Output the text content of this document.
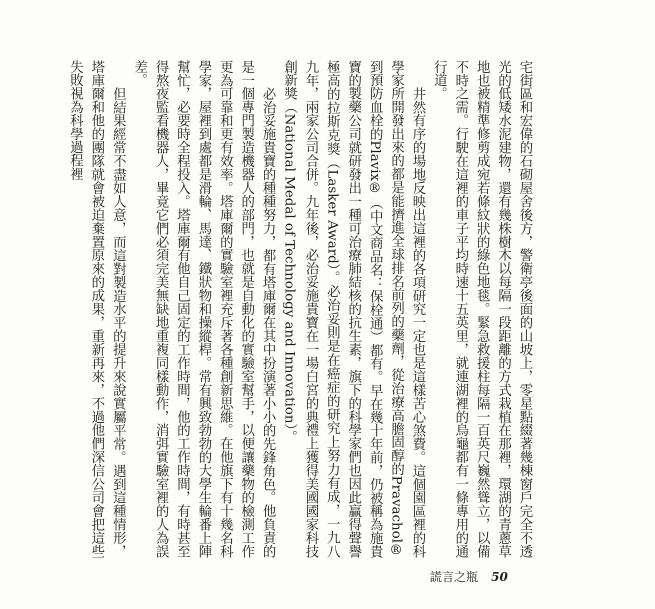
宅街區和宏偉的石砌屋舍後方，警衛亭後面的山坡上，零星點綴著幾棟窗戶完全不透光的低矮水泥建物，還有幾株樹木以每隔一段距離的方式栽植在那裡，環湖的青蔥草地也被精準修剪成宛若條紋狀的綠色地毯。緊急救援柱每隔一百英尺巍然聳立，以備不時之需。行駛在這裡的車子平均時速十五英里，就連湖裡的烏龜都有一條專用的通行道。

井然有序的場地反映出這裡的各項研究一定也是這樣苦心煞費。這個園區裡的科學家所開發出來的都是能擠進全球排名前列的藥劑，從治療高膽固醇的Pravachol®到預防血栓的Plavix®（中文商品名：保栓通）都有。早在幾十年前，仍被稱為施貴寶的製藥公司就研發出一種可治療肺結核的抗生素，旗下的科學家們也因此贏得聲譽極高的拉斯克獎（Lasker Award）。必治妥則是在癌症的研究上努力有成，一九八九年，兩家公司合併。九年後，必治妥施貴寶在一場白宮的典禮上獲得美國國家科技創新獎（National Medal of Technology and Innovation）。

必治妥施貴寶的種種努力，都有塔庫爾在其中扮演著小小的先鋒角色。他負責的是一個專門製造機器人的部門，也就是自動化的實驗室幫手，以便讓藥物的檢測工作更為可靠和更有效率。塔庫爾的實驗室裡充斥著各種創新思維。在他旗下有十幾名科學家，屋裡到處都是滑輪、馬達、鐵狀物和操縱桿。常有興致勃勃的大學生輪番上陣幫忙，必要時全程投入。塔庫爾有他自己固定的工作時間，他的工作時間，有時甚至得熬夜監看機器人，畢竟它們必須完美無缺地重複同樣動作，消弭實驗室裡的人為誤差。

但結果經常不盡如人意，而這對製造水平的提升來說實屬平常。遇到這種情形，塔庫爾和他的團隊就會被迫棄置原來的成果，重新再來，不過他們深信公司會把這些失敗視為科學過程裡

謊言之瓶 50
